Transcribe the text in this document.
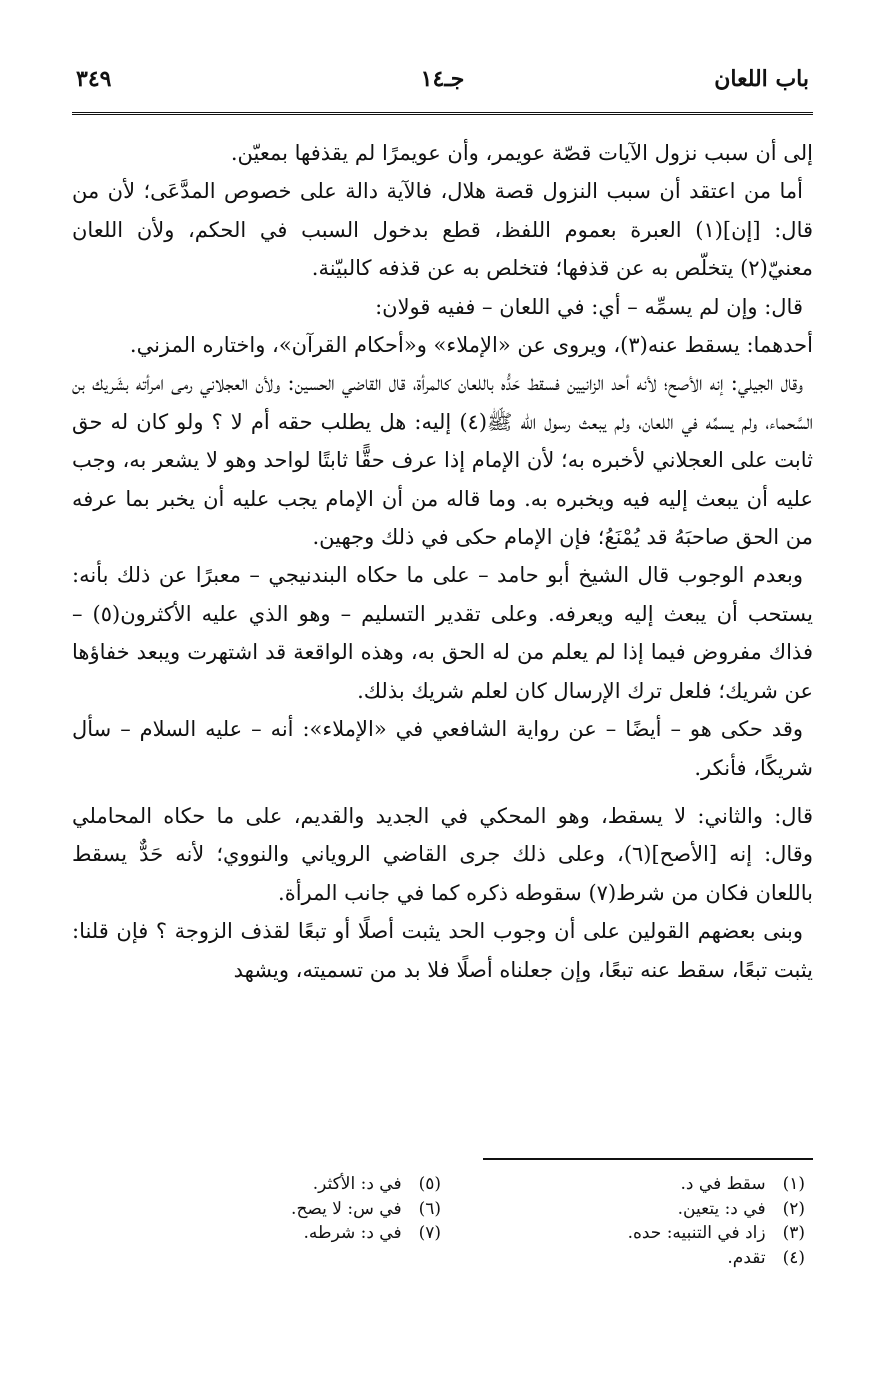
باب اللعان
جـ١٤
٣٤٩

إلى أن سبب نزول الآيات قصّة عويمر، وأن عويمرًا لم يقذفها بمعيّن.

أما من اعتقد أن سبب النزول قصة هلال، فالآية دالة على خصوص المدَّعَى؛ لأن من قال: [إن](١) العبرة بعموم اللفظ، قطع بدخول السبب في الحكم، ولأن اللعان معنيّ(٢) يتخلّص به عن قذفها؛ فتخلص به عن قذفه كالبيّنة.

قال: وإن لم يسمِّه – أي: في اللعان – ففيه قولان:

أحدهما: يسقط عنه(٣)، ويروى عن «الإملاء» و«أحكام القرآن»، واختاره المزني.

وقال الجيلي: إنه الأصح؛ لأنه أحد الزانيين فسقط حَدُّه باللعان كالمرأة، قال القاضي الحسين: ولأن العجلاني رمى امرأته بشَريك بن السَّحماء، ولم يسمِّه في اللعان، ولم يبعث رسول الله ﷺ(٤) إليه: هل يطلب حقه أم لا ؟ ولو كان له حق ثابت على العجلاني لأخبره به؛ لأن الإمام إذا عرف حقًّا ثابتًا لواحد وهو لا يشعر به، وجب عليه أن يبعث إليه فيه ويخبره به. وما قاله من أن الإمام يجب عليه أن يخبر بما عرفه من الحق صاحبَهُ قد يُمْنَعُ؛ فإن الإمام حكى في ذلك وجهين.

وبعدم الوجوب قال الشيخ أبو حامد – على ما حكاه البندنيجي – معبرًا عن ذلك بأنه: يستحب أن يبعث إليه ويعرفه. وعلى تقدير التسليم – وهو الذي عليه الأكثرون(٥) – فذاك مفروض فيما إذا لم يعلم من له الحق به، وهذه الواقعة قد اشتهرت ويبعد خفاؤها عن شريك؛ فلعل ترك الإرسال كان لعلم شريك بذلك.

وقد حكى هو – أيضًا – عن رواية الشافعي في «الإملاء»: أنه – عليه السلام – سأل شريكًا، فأنكر.

قال: والثاني: لا يسقط، وهو المحكي في الجديد والقديم، على ما حكاه المحاملي وقال: إنه [الأصح](٦)، وعلى ذلك جرى القاضي الروياني والنووي؛ لأنه حَدٌّ يسقط باللعان فكان من شرط(٧) سقوطه ذكره كما في جانب المرأة.

وبنى بعضهم القولين على أن وجوب الحد يثبت أصلًا أو تبعًا لقذف الزوجة ؟ فإن قلنا: يثبت تبعًا، سقط عنه تبعًا، وإن جعلناه أصلًا فلا بد من تسميته، ويشهد

(١) سقط في د.
(٢) في د: يتعين.
(٣) زاد في التنبيه: حده.
(٤) تقدم.
(٥) في د: الأكثر.
(٦) في س: لا يصح.
(٧) في د: شرطه.
